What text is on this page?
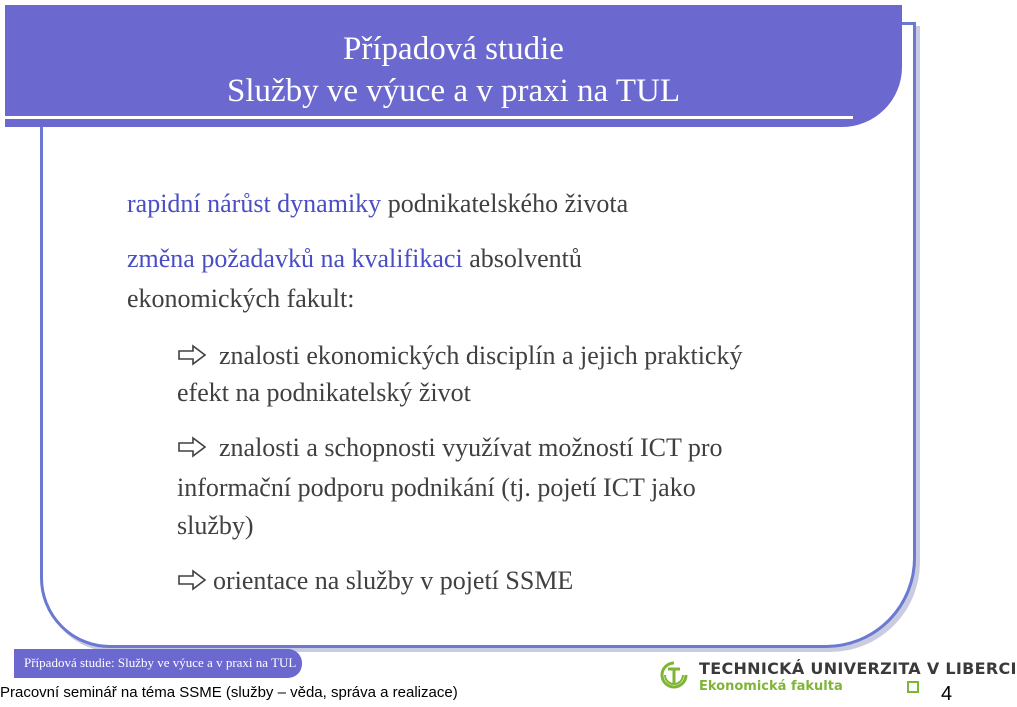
Případová studie
Služby ve výuce a v praxi na TUL
rapidní nárůst dynamiky podnikatelského života
změna požadavků na kvalifikaci absolventů
ekonomických fakult:
znalosti ekonomických disciplín a jejich praktický
efekt na podnikatelský život
znalosti a schopnosti využívat možností ICT pro
informační podporu podnikání (tj. pojetí ICT jako
služby)
orientace na služby v pojetí SSME
Případová studie: Služby ve výuce a v praxi na TUL	TECHNICKÁ UNIVERZITA V LIBERCI
Ekonomická fakulta
Pracovní seminář na téma SSME (služby – věda, správa a realizace)	4
